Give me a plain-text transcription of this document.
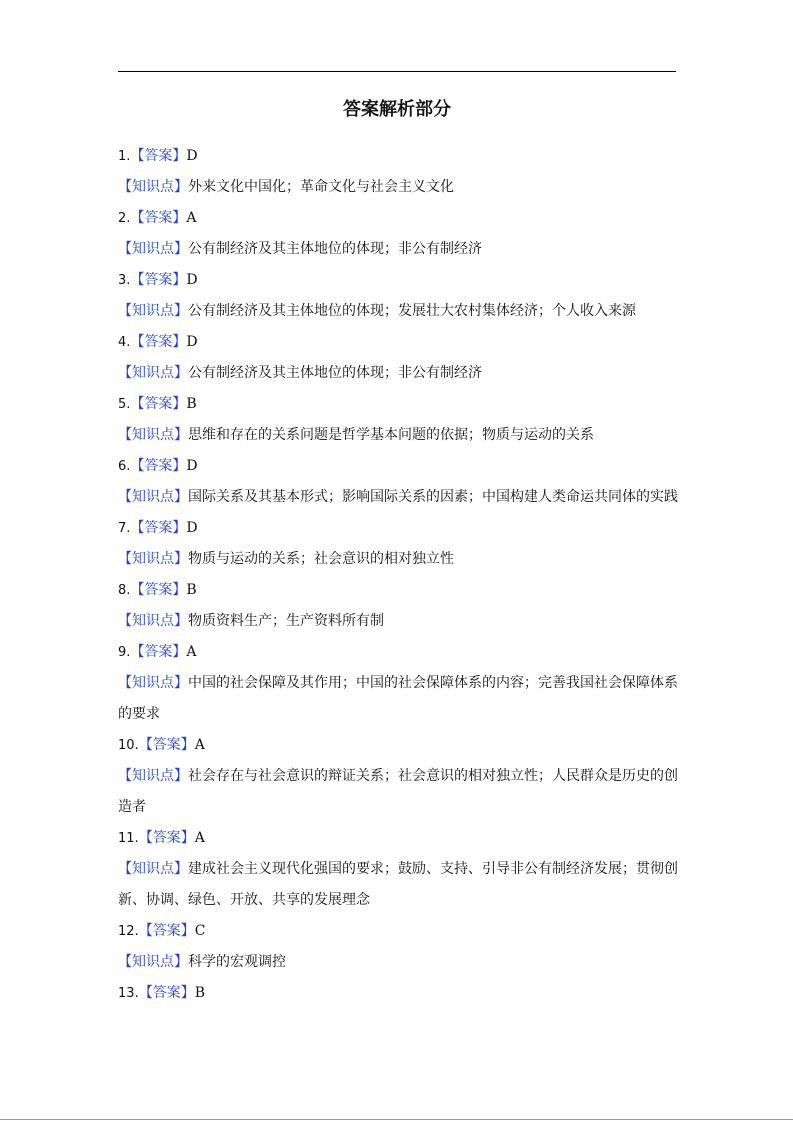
答案解析部分
1.【答案】D
【知识点】外来文化中国化；革命文化与社会主义文化
2.【答案】A
【知识点】公有制经济及其主体地位的体现；非公有制经济
3.【答案】D
【知识点】公有制经济及其主体地位的体现；发展壮大农村集体经济；个人收入来源
4.【答案】D
【知识点】公有制经济及其主体地位的体现；非公有制经济
5.【答案】B
【知识点】思维和存在的关系问题是哲学基本问题的依据；物质与运动的关系
6.【答案】D
【知识点】国际关系及其基本形式；影响国际关系的因素；中国构建人类命运共同体的实践
7.【答案】D
【知识点】物质与运动的关系；社会意识的相对独立性
8.【答案】B
【知识点】物质资料生产；生产资料所有制
9.【答案】A
【知识点】中国的社会保障及其作用；中国的社会保障体系的内容；完善我国社会保障体系
的要求
10.【答案】A
【知识点】社会存在与社会意识的辩证关系；社会意识的相对独立性；人民群众是历史的创
造者
11.【答案】A
【知识点】建成社会主义现代化强国的要求；鼓励、支持、引导非公有制经济发展；贯彻创
新、协调、绿色、开放、共享的发展理念
12.【答案】C
【知识点】科学的宏观调控
13.【答案】B
